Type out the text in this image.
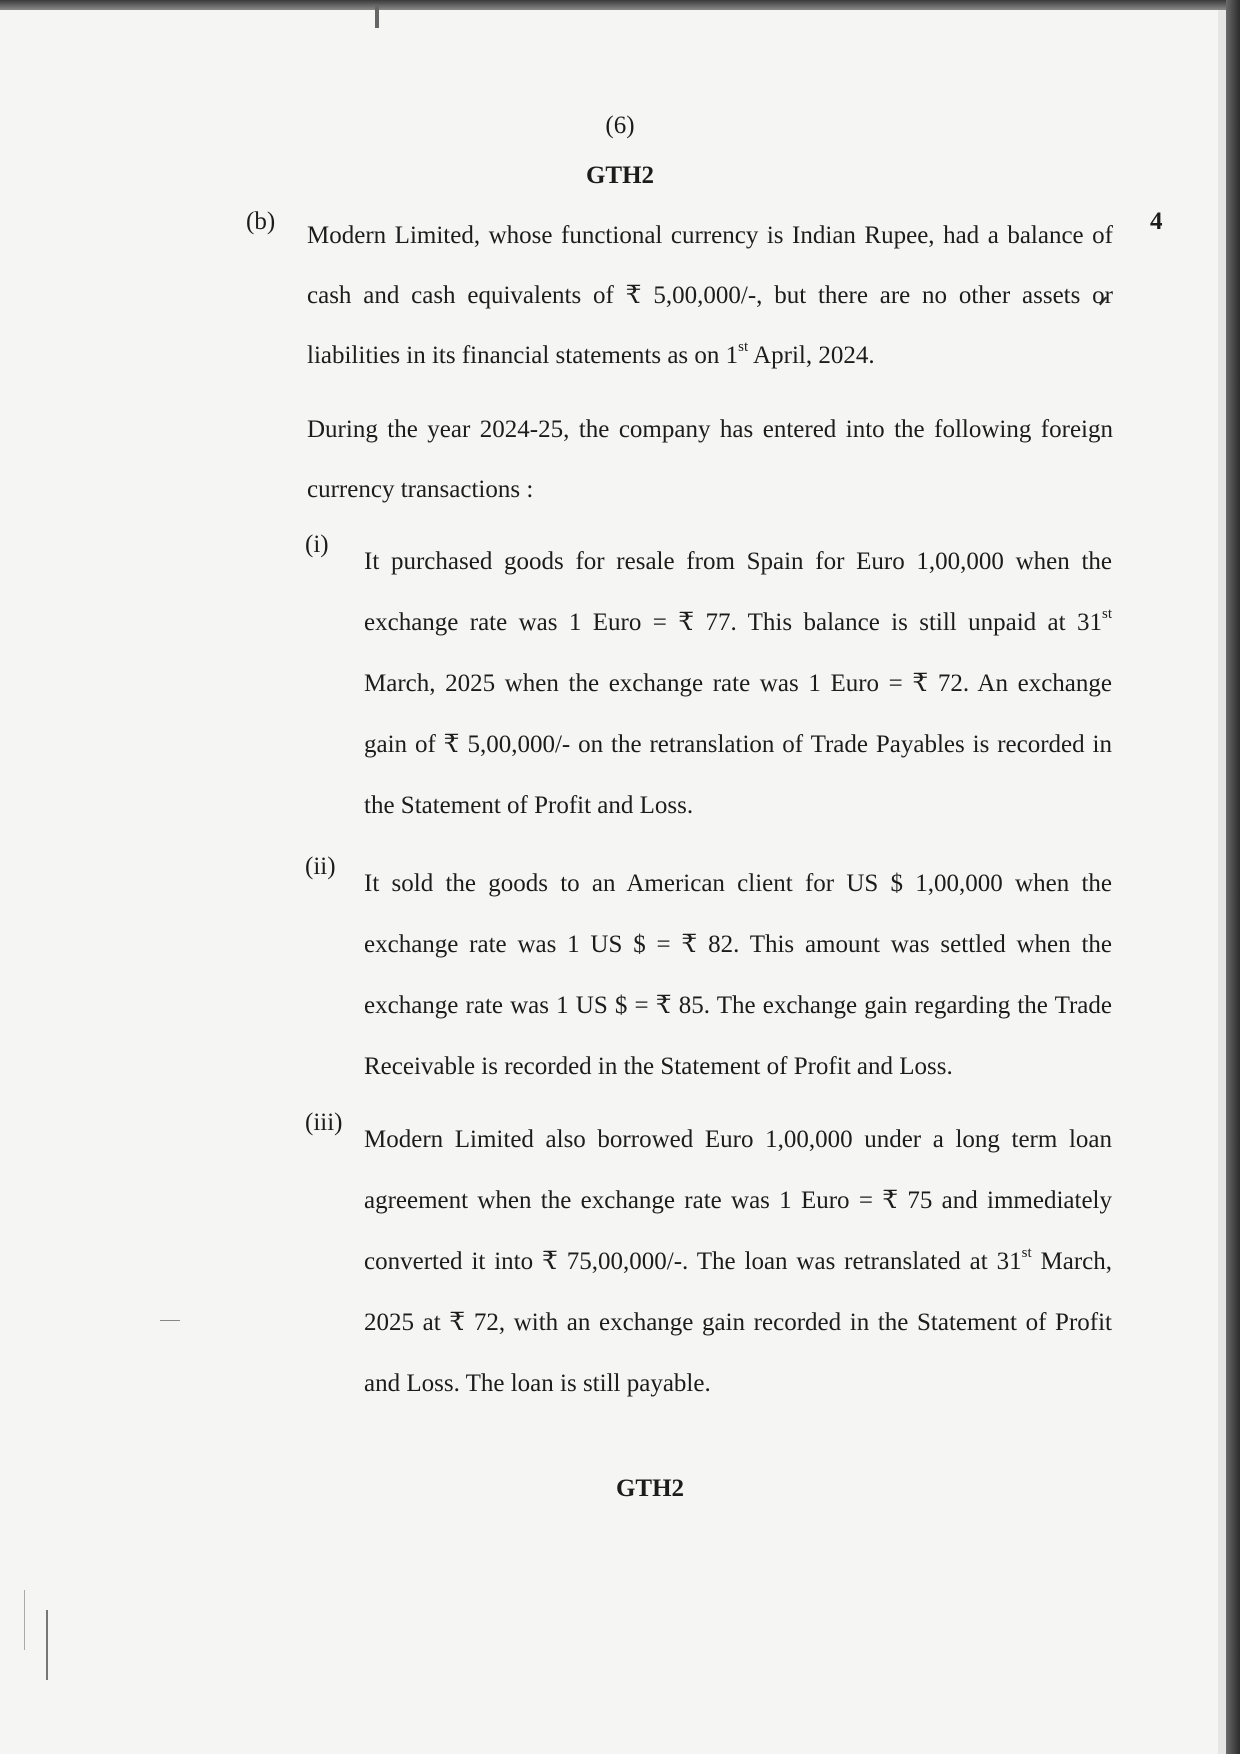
(6)
GTH2
(b)	4
Modern Limited, whose functional currency is Indian Rupee, had a balance of cash and cash equivalents of ₹ 5,00,000/-, but there are no other assets or liabilities in its financial statements as on 1st April, 2024.
During the year 2024-25, the company has entered into the following foreign currency transactions :
(i)
It purchased goods for resale from Spain for Euro 1,00,000 when the exchange rate was 1 Euro = ₹ 77. This balance is still unpaid at 31st March, 2025 when the exchange rate was 1 Euro = ₹ 72. An exchange gain of ₹ 5,00,000/- on the retranslation of Trade Payables is recorded in the Statement of Profit and Loss.
(ii)
It sold the goods to an American client for US $ 1,00,000 when the exchange rate was 1 US $ = ₹ 82. This amount was settled when the exchange rate was 1 US $ = ₹ 85. The exchange gain regarding the Trade Receivable is recorded in the Statement of Profit and Loss.
(iii)
Modern Limited also borrowed Euro 1,00,000 under a long term loan agreement when the exchange rate was 1 Euro = ₹ 75 and immediately converted it into ₹ 75,00,000/-. The loan was retranslated at 31st March, 2025 at ₹ 72, with an exchange gain recorded in the Statement of Profit and Loss. The loan is still payable.
GTH2
